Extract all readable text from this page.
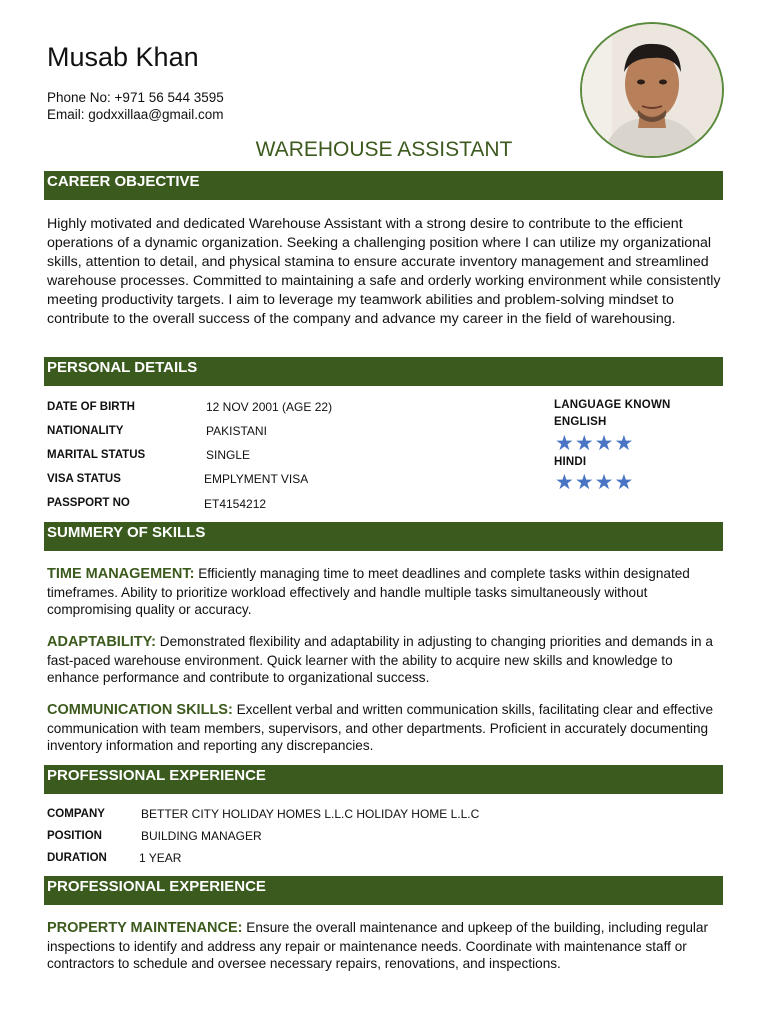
Musab Khan
Phone No: +971 56 544 3595
Email: godxxillaa@gmail.com
WAREHOUSE ASSISTANT
CAREER OBJECTIVE
Highly motivated and dedicated Warehouse Assistant with a strong desire to contribute to the efficient operations of a dynamic organization. Seeking a challenging position where I can utilize my organizational skills, attention to detail, and physical stamina to ensure accurate inventory management and streamlined warehouse processes. Committed to maintaining a safe and orderly working environment while consistently meeting productivity targets. I aim to leverage my teamwork abilities and problem-solving mindset to contribute to the overall success of the company and advance my career in the field of warehousing.
PERSONAL DETAILS
DATE OF BIRTH	12 NOV 2001 (AGE 22)
NATIONALITY	PAKISTANI
MARITAL STATUS	SINGLE
VISA STATUS	EMPLYMENT VISA
PASSPORT NO	ET4154212
LANGUAGE KNOWN
ENGLISH
★★★★
HINDI
★★★★
SUMMERY OF SKILLS
TIME MANAGEMENT: Efficiently managing time to meet deadlines and complete tasks within designated timeframes. Ability to prioritize workload effectively and handle multiple tasks simultaneously without compromising quality or accuracy.
ADAPTABILITY: Demonstrated flexibility and adaptability in adjusting to changing priorities and demands in a fast-paced warehouse environment. Quick learner with the ability to acquire new skills and knowledge to enhance performance and contribute to organizational success.
COMMUNICATION SKILLS: Excellent verbal and written communication skills, facilitating clear and effective communication with team members, supervisors, and other departments. Proficient in accurately documenting inventory information and reporting any discrepancies.
PROFESSIONAL EXPERIENCE
COMPANY	BETTER CITY HOLIDAY HOMES L.L.C HOLIDAY HOME L.L.C
POSITION	BUILDING MANAGER
DURATION	1 YEAR
PROFESSIONAL EXPERIENCE
PROPERTY MAINTENANCE: Ensure the overall maintenance and upkeep of the building, including regular inspections to identify and address any repair or maintenance needs. Coordinate with maintenance staff or contractors to schedule and oversee necessary repairs, renovations, and inspections.
